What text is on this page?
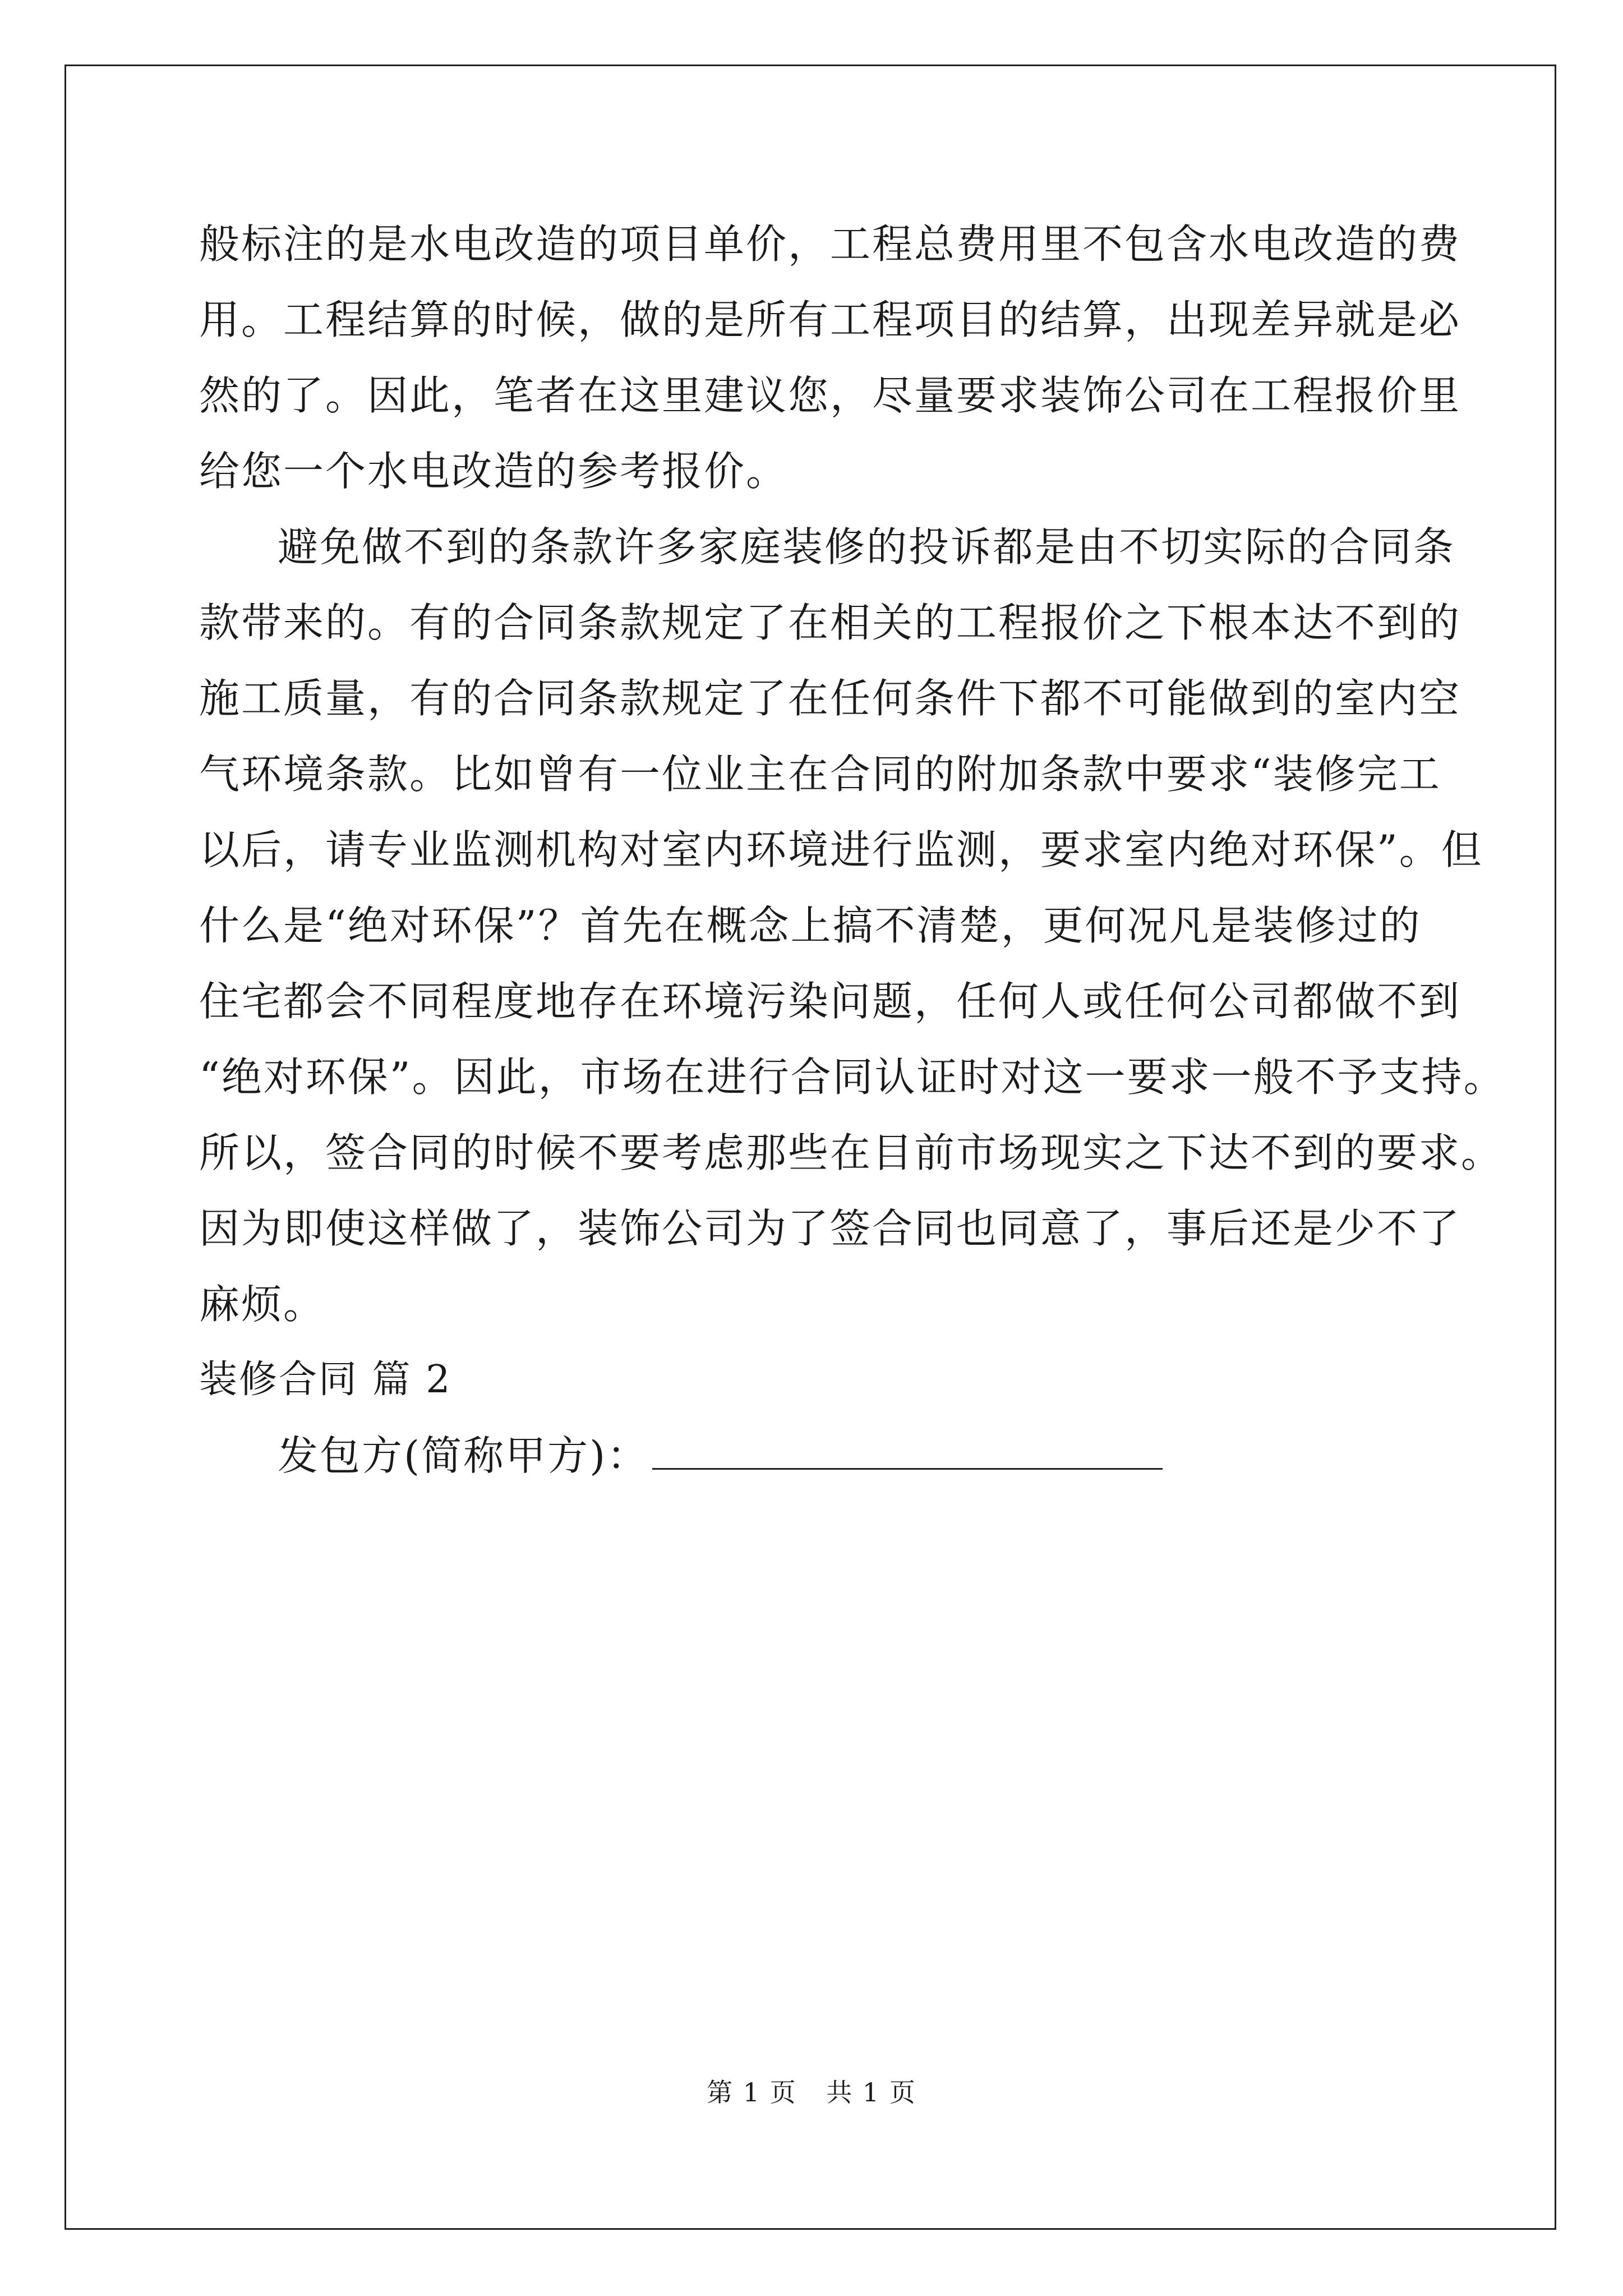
般标注的是水电改造的项目单价，工程总费用里不包含水电改造的费
用。工程结算的时候，做的是所有工程项目的结算，出现差异就是必
然的了。因此，笔者在这里建议您，尽量要求装饰公司在工程报价里
给您一个水电改造的参考报价。
避免做不到的条款许多家庭装修的投诉都是由不切实际的合同条
款带来的。有的合同条款规定了在相关的工程报价之下根本达不到的
施工质量，有的合同条款规定了在任何条件下都不可能做到的室内空
气环境条款。比如曾有一位业主在合同的附加条款中要求“装修完工
以后，请专业监测机构对室内环境进行监测，要求室内绝对环保”。但
什么是“绝对环保”？首先在概念上搞不清楚，更何况凡是装修过的
住宅都会不同程度地存在环境污染问题，任何人或任何公司都做不到
“绝对环保”。因此，市场在进行合同认证时对这一要求一般不予支持。
所以，签合同的时候不要考虑那些在目前市场现实之下达不到的要求。
因为即使这样做了，装饰公司为了签合同也同意了，事后还是少不了
麻烦。
装修合同 篇 2
发包方(简称甲方)：
第 1 页 共 1 页
